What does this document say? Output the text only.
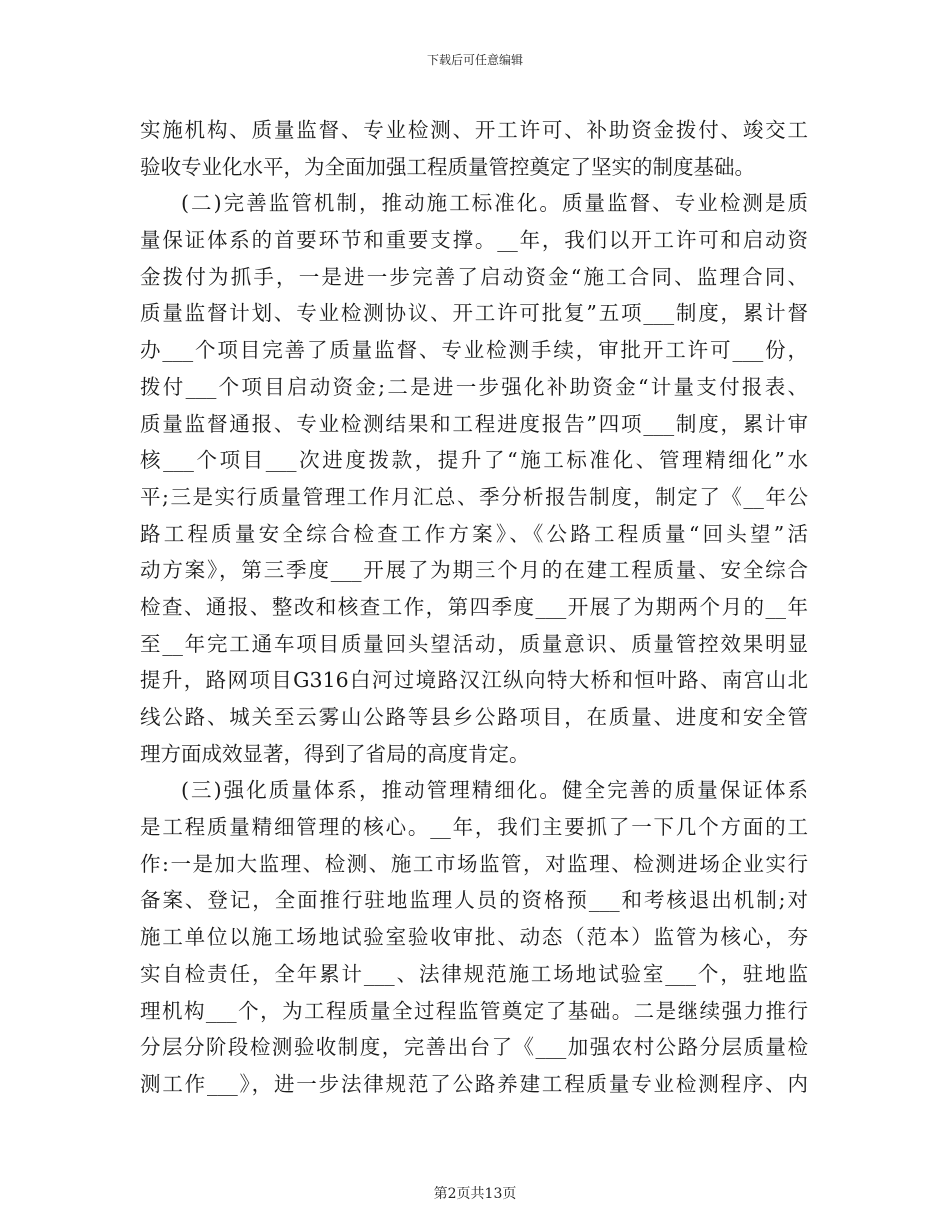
下载后可任意编辑
实施机构、质量监督、专业检测、开工许可、补助资金拨付、竣交工
验收专业化水平，为全面加强工程质量管控奠定了坚实的制度基础。
(二)完善监管机制，推动施工标准化。质量监督、专业检测是质
量保证体系的首要环节和重要支撑。__年，我们以开工许可和启动资
金拨付为抓手，一是进一步完善了启动资金“施工合同、监理合同、
质量监督计划、专业检测协议、开工许可批复”五项___制度，累计督
办___个项目完善了质量监督、专业检测手续，审批开工许可___份，
拨付___个项目启动资金;二是进一步强化补助资金“计量支付报表、
质量监督通报、专业检测结果和工程进度报告”四项___制度，累计审
核___个项目___次进度拨款，提升了“施工标准化、管理精细化”水
平;三是实行质量管理工作月汇总、季分析报告制度，制定了《__年公
路工程质量安全综合检查工作方案》、《公路工程质量“回头望”活
动方案》，第三季度___开展了为期三个月的在建工程质量、安全综合
检查、通报、整改和核查工作，第四季度___开展了为期两个月的__年
至__年完工通车项目质量回头望活动，质量意识、质量管控效果明显
提升，路网项目G316白河过境路汉江纵向特大桥和恒叶路、南宫山北
线公路、城关至云雾山公路等县乡公路项目，在质量、进度和安全管
理方面成效显著，得到了省局的高度肯定。
(三)强化质量体系，推动管理精细化。健全完善的质量保证体系
是工程质量精细管理的核心。__年，我们主要抓了一下几个方面的工
作:一是加大监理、检测、施工市场监管，对监理、检测进场企业实行
备案、登记，全面推行驻地监理人员的资格预___和考核退出机制;对
施工单位以施工场地试验室验收审批、动态（范本）监管为核心，夯
实自检责任，全年累计___、法律规范施工场地试验室___个，驻地监
理机构___个，为工程质量全过程监管奠定了基础。二是继续强力推行
分层分阶段检测验收制度，完善出台了《___加强农村公路分层质量检
测工作___》，进一步法律规范了公路养建工程质量专业检测程序、内
第2页共13页
